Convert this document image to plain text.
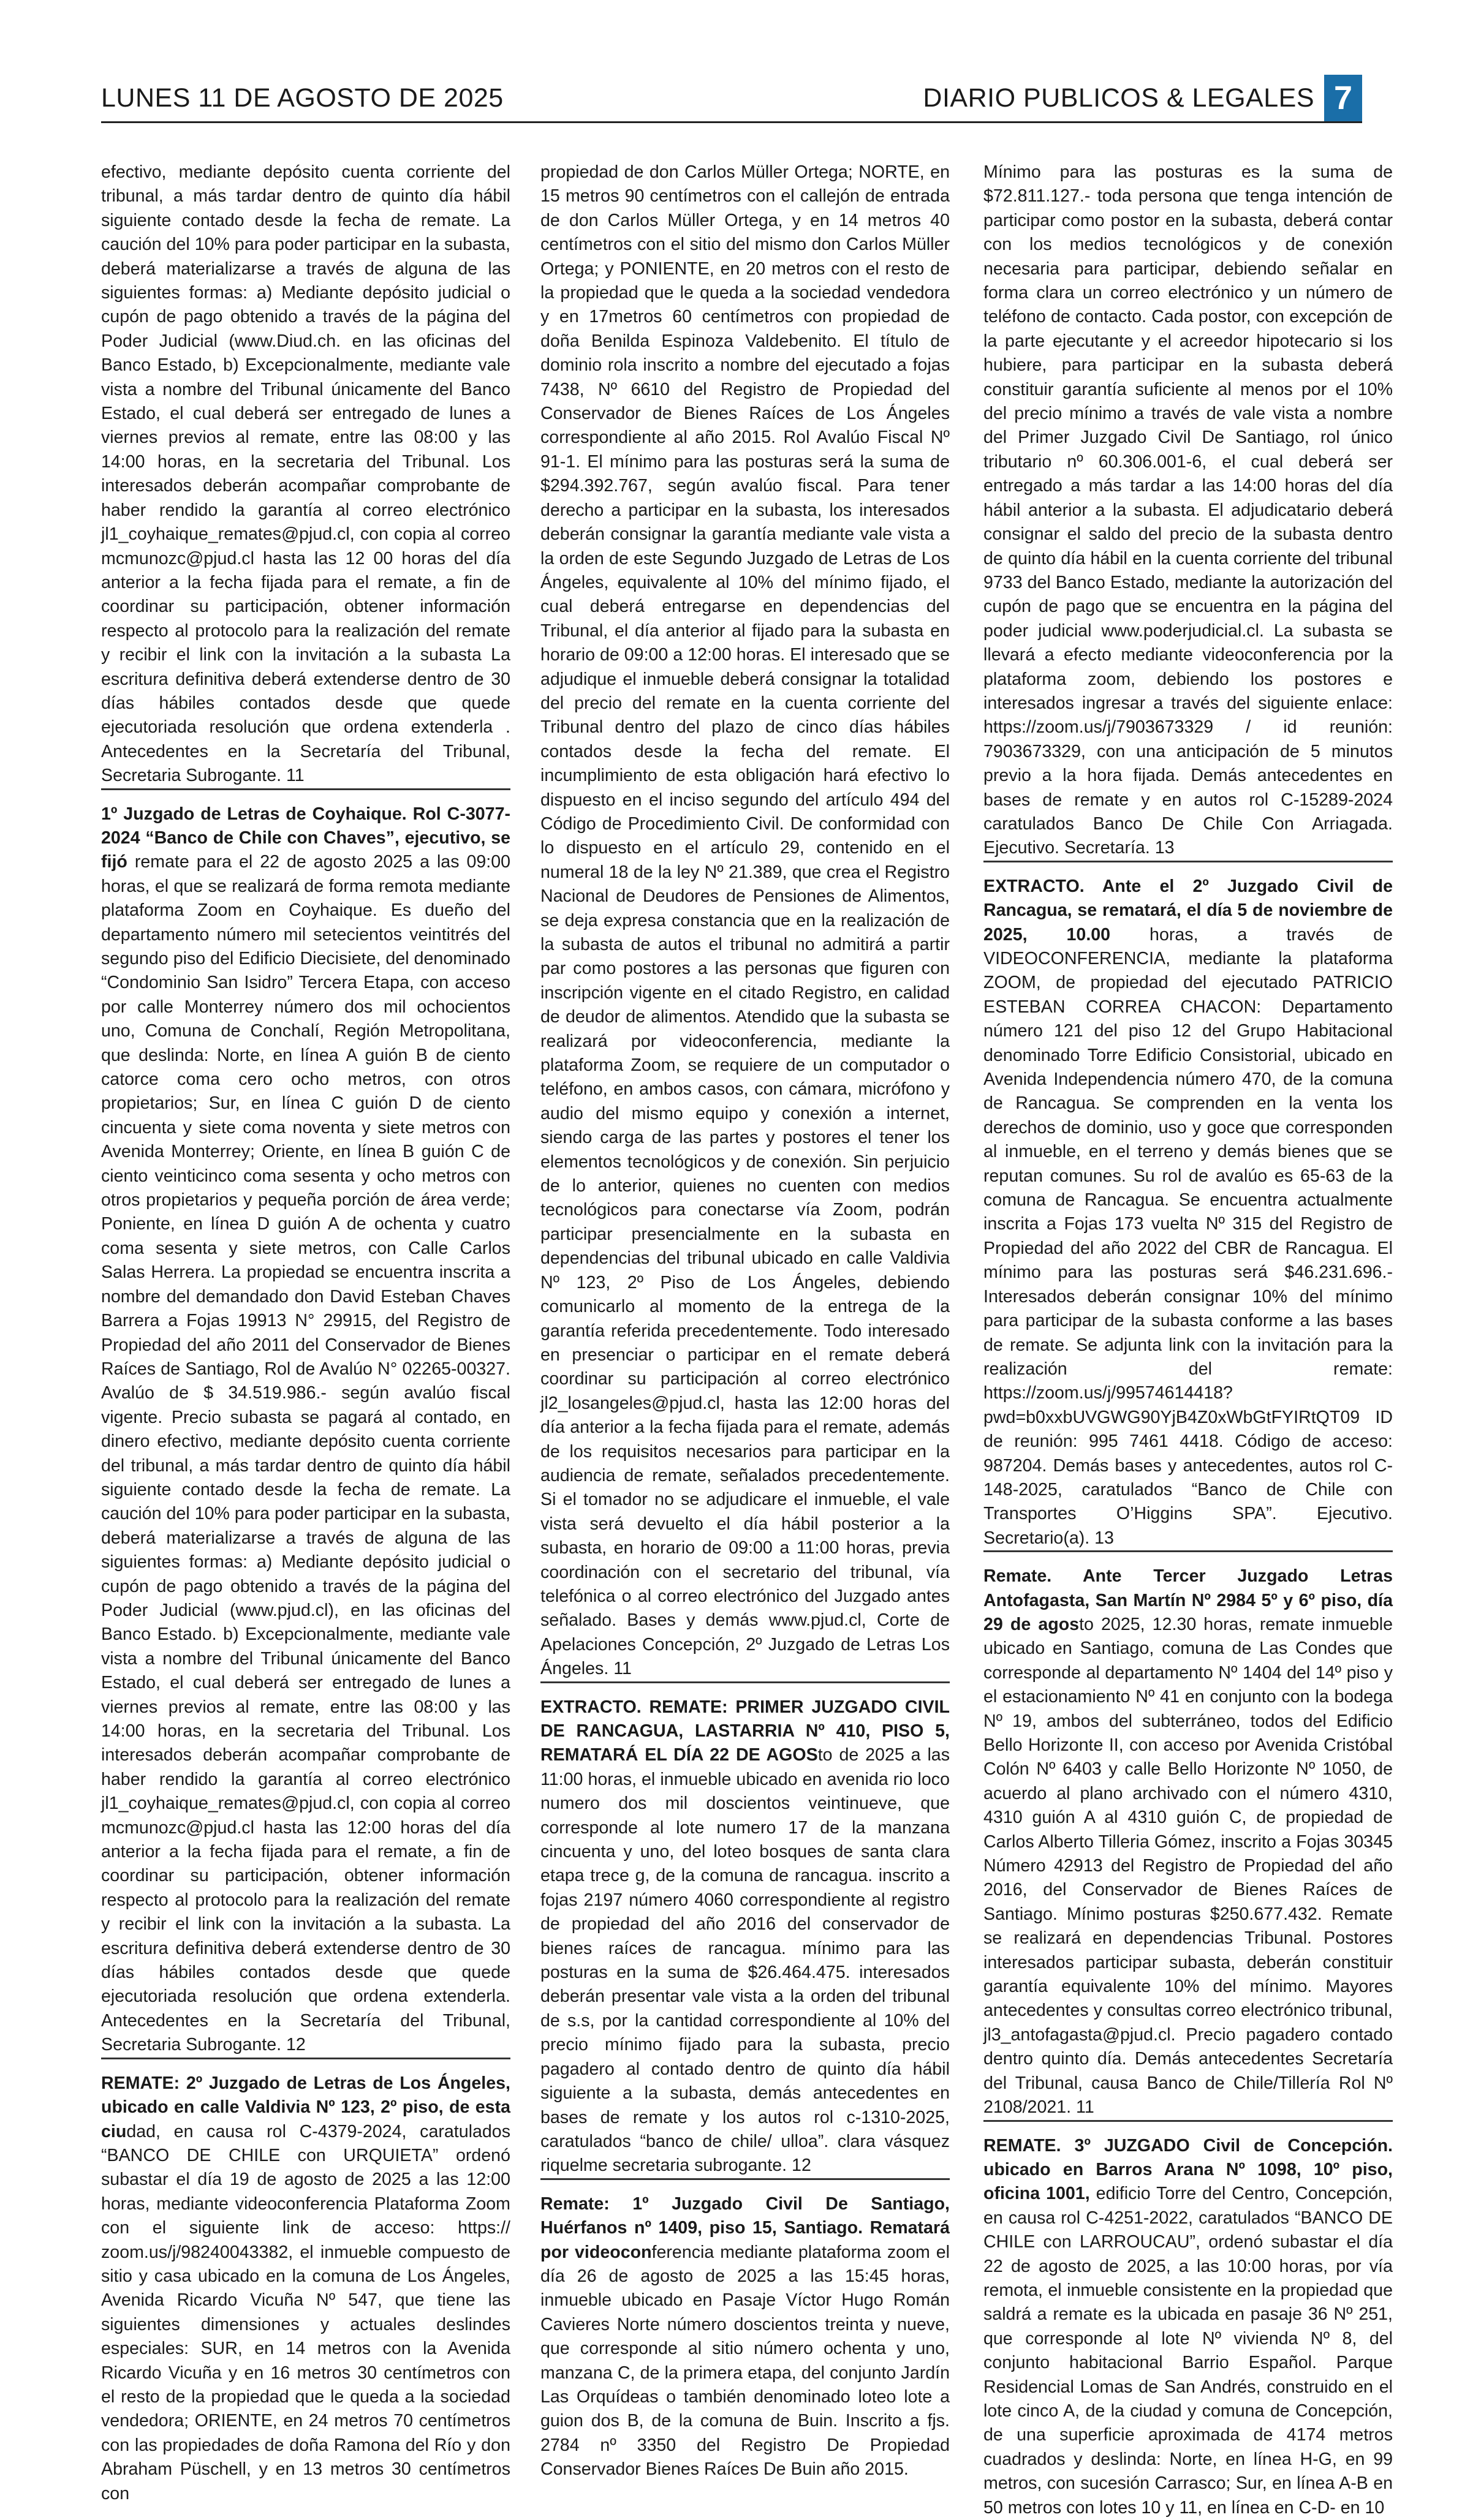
LUNES 11 DE AGOSTO DE 2025	DIARIO PUBLICOS & LEGALES 7

efectivo, mediante depósito cuenta corriente del tribunal, a más tardar dentro de quinto día hábil siguiente contado desde la fecha de remate. La caución del 10% para poder participar en la subasta, deberá materializarse a través de alguna de las siguientes formas: a) Mediante depósito judicial o cupón de pago obtenido a través de la página del Poder Judicial (www.Diud.ch. en las oficinas del Banco Estado, b) Excepcionalmente, mediante vale vista a nombre del Tribunal únicamente del Banco Estado, el cual deberá ser entregado de lunes a viernes previos al remate, entre las 08:00 y las 14:00 horas, en la secretaria del Tribunal. Los interesados deberán acompañar comprobante de haber rendido la garantía al correo electrónico jl1_coyhaique_remates@pjud.cl, con copia al correo mcmunozc@pjud.cl hasta las 12 00 horas del día anterior a la fecha fijada para el remate, a fin de coordinar su participación, obtener información respecto al protocolo para la realización del remate y recibir el link con la invitación a la subasta La escritura definitiva deberá extenderse dentro de 30 días hábiles contados desde que quede ejecutoriada resolución que ordena extenderla . Antecedentes en la Secretaría del Tribunal, Secretaria Subrogante. 11

1º Juzgado de Letras de Coyhaique. Rol C-3077-2024 “Banco de Chile con Chaves”, ejecutivo, se fijó remate para el 22 de agosto 2025 a las 09:00 horas, el que se realizará de forma remota mediante plataforma Zoom en Coyhaique. Es dueño del departamento número mil setecientos veintitrés del segundo piso del Edificio Diecisiete, del denominado “Condominio San Isidro” Tercera Etapa, con acceso por calle Monterrey número dos mil ochocientos uno, Comuna de Conchalí, Región Metropolitana, que deslinda: Norte, en línea A guión B de ciento catorce coma cero ocho metros, con otros propietarios; Sur, en línea C guión D de ciento cincuenta y siete coma noventa y siete metros con Avenida Monterrey; Oriente, en línea B guión C de ciento veinticinco coma sesenta y ocho metros con otros propietarios y pequeña porción de área verde; Poniente, en línea D guión A de ochenta y cuatro coma sesenta y siete metros, con Calle Carlos Salas Herrera. La propiedad se encuentra inscrita a nombre del demandado don David Esteban Chaves Barrera a Fojas 19913 N° 29915, del Registro de Propiedad del año 2011 del Conservador de Bienes Raíces de Santiago, Rol de Avalúo N° 02265-00327. Avalúo de $ 34.519.986.- según avalúo fiscal vigente. Precio subasta se pagará al contado, en dinero efectivo, mediante depósito cuenta corriente del tribunal, a más tardar dentro de quinto día hábil siguiente contado desde la fecha de remate. La caución del 10% para poder participar en la subasta, deberá materializarse a través de alguna de las siguientes formas: a) Mediante depósito judicial o cupón de pago obtenido a través de la página del Poder Judicial (www.pjud.cl), en las oficinas del Banco Estado. b) Excepcionalmente, mediante vale vista a nombre del Tribunal únicamente del Banco Estado, el cual deberá ser entregado de lunes a viernes previos al remate, entre las 08:00 y las 14:00 horas, en la secretaria del Tribunal. Los interesados deberán acompañar comprobante de haber rendido la garantía al correo electrónico jl1_coyhaique_remates@pjud.cl, con copia al correo mcmunozc@pjud.cl hasta las 12:00 horas del día anterior a la fecha fijada para el remate, a fin de coordinar su participación, obtener información respecto al protocolo para la realización del remate y recibir el link con la invitación a la subasta. La escritura definitiva deberá extenderse dentro de 30 días hábiles contados desde que quede ejecutoriada resolución que ordena extenderla. Antecedentes en la Secretaría del Tribunal, Secretaria Subrogante. 12

REMATE: 2º Juzgado de Letras de Los Ángeles, ubicado en calle Valdivia Nº 123, 2º piso, de esta ciudad, en causa rol C-4379-2024, caratulados “BANCO DE CHILE con URQUIETA” ordenó subastar el día 19 de agosto de 2025 a las 12:00 horas, mediante videoconferencia Plataforma Zoom con el siguiente link de acceso: https:// zoom.us/j/98240043382, el inmueble compuesto de sitio y casa ubicado en la comuna de Los Ángeles, Avenida Ricardo Vicuña Nº 547, que tiene las siguientes dimensiones y actuales deslindes especiales: SUR, en 14 metros con la Avenida Ricardo Vicuña y en 16 metros 30 centímetros con el resto de la propiedad que le queda a la sociedad vendedora; ORIENTE, en 24 metros 70 centímetros con las propiedades de doña Ramona del Río y don Abraham Püschell, y en 13 metros 30 centímetros con

propiedad de don Carlos Müller Ortega; NORTE, en 15 metros 90 centímetros con el callejón de entrada de don Carlos Müller Ortega, y en 14 metros 40 centímetros con el sitio del mismo don Carlos Müller Ortega; y PONIENTE, en 20 metros con el resto de la propiedad que le queda a la sociedad vendedora y en 17metros 60 centímetros con propiedad de doña Benilda Espinoza Valdebenito. El título de dominio rola inscrito a nombre del ejecutado a fojas 7438, Nº 6610 del Registro de Propiedad del Conservador de Bienes Raíces de Los Ángeles correspondiente al año 2015. Rol Avalúo Fiscal Nº 91-1. El mínimo para las posturas será la suma de $294.392.767, según avalúo fiscal. Para tener derecho a participar en la subasta, los interesados deberán consignar la garantía mediante vale vista a la orden de este Segundo Juzgado de Letras de Los Ángeles, equivalente al 10% del mínimo fijado, el cual deberá entregarse en dependencias del Tribunal, el día anterior al fijado para la subasta en horario de 09:00 a 12:00 horas. El interesado que se adjudique el inmueble deberá consignar la totalidad del precio del remate en la cuenta corriente del Tribunal dentro del plazo de cinco días hábiles contados desde la fecha del remate. El incumplimiento de esta obligación hará efectivo lo dispuesto en el inciso segundo del artículo 494 del Código de Procedimiento Civil. De conformidad con lo dispuesto en el artículo 29, contenido en el numeral 18 de la ley Nº 21.389, que crea el Registro Nacional de Deudores de Pensiones de Alimentos, se deja expresa constancia que en la realización de la subasta de autos el tribunal no admitirá a partir par como postores a las personas que figuren con inscripción vigente en el citado Registro, en calidad de deudor de alimentos. Atendido que la subasta se realizará por videoconferencia, mediante la plataforma Zoom, se requiere de un computador o teléfono, en ambos casos, con cámara, micrófono y audio del mismo equipo y conexión a internet, siendo carga de las partes y postores el tener los elementos tecnológicos y de conexión. Sin perjuicio de lo anterior, quienes no cuenten con medios tecnológicos para conectarse vía Zoom, podrán participar presencialmente en la subasta en dependencias del tribunal ubicado en calle Valdivia Nº 123, 2º Piso de Los Ángeles, debiendo comunicarlo al momento de la entrega de la garantía referida precedentemente. Todo interesado en presenciar o participar en el remate deberá coordinar su participación al correo electrónico jl2_losangeles@pjud.cl, hasta las 12:00 horas del día anterior a la fecha fijada para el remate, además de los requisitos necesarios para participar en la audiencia de remate, señalados precedentemente. Si el tomador no se adjudicare el inmueble, el vale vista será devuelto el día hábil posterior a la subasta, en horario de 09:00 a 11:00 horas, previa coordinación con el secretario del tribunal, vía telefónica o al correo electrónico del Juzgado antes señalado. Bases y demás www.pjud.cl, Corte de Apelaciones Concepción, 2º Juzgado de Letras Los Ángeles. 11

EXTRACTO. REMATE: PRIMER JUZGADO CIVIL DE RANCAGUA, LASTARRIA Nº 410, PISO 5, REMATARÁ EL DÍA 22 DE AGOSto de 2025 a las 11:00 horas, el inmueble ubicado en avenida rio loco numero dos mil doscientos veintinueve, que corresponde al lote numero 17 de la manzana cincuenta y uno, del loteo bosques de santa clara etapa trece g, de la comuna de rancagua. inscrito a fojas 2197 número 4060 correspondiente al registro de propiedad del año 2016 del conservador de bienes raíces de rancagua. mínimo para las posturas en la suma de $26.464.475. interesados deberán presentar vale vista a la orden del tribunal de s.s, por la cantidad correspondiente al 10% del precio mínimo fijado para la subasta, precio pagadero al contado dentro de quinto día hábil siguiente a la subasta, demás antecedentes en bases de remate y los autos rol c-1310-2025, caratulados “banco de chile/ ulloa”. clara vásquez riquelme secretaria subrogante. 12

Remate: 1º Juzgado Civil De Santiago, Huérfanos nº 1409, piso 15, Santiago. Rematará por videoconferencia mediante plataforma zoom el día 26 de agosto de 2025 a las 15:45 horas, inmueble ubicado en Pasaje Víctor Hugo Román Cavieres Norte número doscientos treinta y nueve, que corresponde al sitio número ochenta y uno, manzana C, de la primera etapa, del conjunto Jardín Las Orquídeas o también denominado loteo lote a guion dos B, de la comuna de Buin. Inscrito a fjs. 2784 nº 3350 del Registro De Propiedad Conservador Bienes Raíces De Buin año 2015.

Mínimo para las posturas es la suma de $72.811.127.- toda persona que tenga intención de participar como postor en la subasta, deberá contar con los medios tecnológicos y de conexión necesaria para participar, debiendo señalar en forma clara un correo electrónico y un número de teléfono de contacto. Cada postor, con excepción de la parte ejecutante y el acreedor hipotecario si los hubiere, para participar en la subasta deberá constituir garantía suficiente al menos por el 10% del precio mínimo a través de vale vista a nombre del Primer Juzgado Civil De Santiago, rol único tributario nº 60.306.001-6, el cual deberá ser entregado a más tardar a las 14:00 horas del día hábil anterior a la subasta. El adjudicatario deberá consignar el saldo del precio de la subasta dentro de quinto día hábil en la cuenta corriente del tribunal 9733 del Banco Estado, mediante la autorización del cupón de pago que se encuentra en la página del poder judicial www.poderjudicial.cl. La subasta se llevará a efecto mediante videoconferencia por la plataforma zoom, debiendo los postores e interesados ingresar a través del siguiente enlace: https://zoom.us/j/7903673329 / id reunión: 7903673329, con una anticipación de 5 minutos previo a la hora fijada. Demás antecedentes en bases de remate y en autos rol C-15289-2024 caratulados Banco De Chile Con Arriagada. Ejecutivo. Secretaría. 13

EXTRACTO. Ante el 2º Juzgado Civil de Rancagua, se rematará, el día 5 de noviembre de 2025, 10.00 horas, a través de VIDEOCONFERENCIA, mediante la plataforma ZOOM, de propiedad del ejecutado PATRICIO ESTEBAN CORREA CHACON: Departamento número 121 del piso 12 del Grupo Habitacional denominado Torre Edificio Consistorial, ubicado en Avenida Independencia número 470, de la comuna de Rancagua. Se comprenden en la venta los derechos de dominio, uso y goce que corresponden al inmueble, en el terreno y demás bienes que se reputan comunes. Su rol de avalúo es 65-63 de la comuna de Rancagua. Se encuentra actualmente inscrita a Fojas 173 vuelta Nº 315 del Registro de Propiedad del año 2022 del CBR de Rancagua. El mínimo para las posturas será $46.231.696.- Interesados deberán consignar 10% del mínimo para participar de la subasta conforme a las bases de remate. Se adjunta link con la invitación para la realización del remate: https://zoom.us/j/99574614418?pwd=b0xxbUVGWG90YjB4Z0xWbGtFYIRtQT09 ID de reunión: 995 7461 4418. Código de acceso: 987204. Demás bases y antecedentes, autos rol C-148-2025, caratulados “Banco de Chile con Transportes O’Higgins SPA”. Ejecutivo. Secretario(a). 13

Remate. Ante Tercer Juzgado Letras Antofagasta, San Martín Nº 2984 5º y 6º piso, día 29 de agosto 2025, 12.30 horas, remate inmueble ubicado en Santiago, comuna de Las Condes que corresponde al departamento Nº 1404 del 14º piso y el estacionamiento Nº 41 en conjunto con la bodega Nº 19, ambos del subterráneo, todos del Edificio Bello Horizonte II, con acceso por Avenida Cristóbal Colón Nº 6403 y calle Bello Horizonte Nº 1050, de acuerdo al plano archivado con el número 4310, 4310 guión A al 4310 guión C, de propiedad de Carlos Alberto Tilleria Gómez, inscrito a Fojas 30345 Número 42913 del Registro de Propiedad del año 2016, del Conservador de Bienes Raíces de Santiago. Mínimo posturas $250.677.432. Remate se realizará en dependencias Tribunal. Postores interesados participar subasta, deberán constituir garantía equivalente 10% del mínimo. Mayores antecedentes y consultas correo electrónico tribunal, jl3_antofagasta@pjud.cl. Precio pagadero contado dentro quinto día. Demás antecedentes Secretaría del Tribunal, causa Banco de Chile/Tillería Rol Nº 2108/2021. 11

REMATE. 3º JUZGADO Civil de Concepción. ubicado en Barros Arana Nº 1098, 10º piso, oficina 1001, edificio Torre del Centro, Concepción, en causa rol C-4251-2022, caratulados “BANCO DE CHILE con LARROUCAU”, ordenó subastar el día 22 de agosto de 2025, a las 10:00 horas, por vía remota, el inmueble consistente en la propiedad que saldrá a remate es la ubicada en pasaje 36 Nº 251, que corresponde al lote Nº vivienda Nº 8, del conjunto habitacional Barrio Español. Parque Residencial Lomas de San Andrés, construido en el lote cinco A, de la ciudad y comuna de Concepción, de una superficie aproximada de 4174 metros cuadrados y deslinda: Norte, en línea H-G, en 99 metros, con sucesión Carrasco; Sur, en línea A-B en 50 metros con lotes 10 y 11, en línea en C-D- en 10
